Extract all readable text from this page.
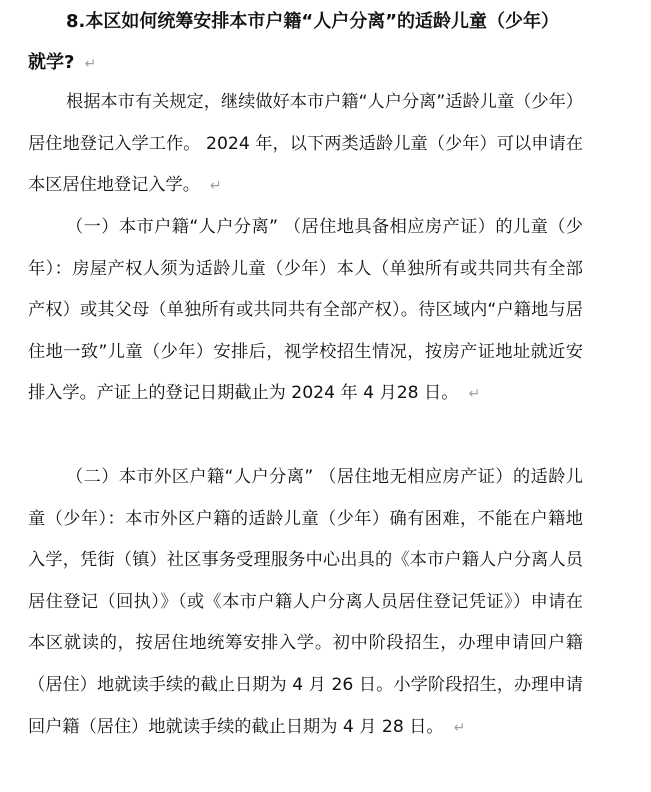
8.本区如何统筹安排本市户籍“人户分离”的适龄儿童（少年）
就学? ↵

根据本市有关规定，继续做好本市户籍“人户分离”适龄儿童（少年）居住地登记入学工作。 2024 年，以下两类适龄儿童（少年）可以申请在本区居住地登记入学。 ↵

（一）本市户籍“人户分离” （居住地具备相应房产证）的儿童（少年）：房屋产权人须为适龄儿童（少年）本人（单独所有或共同共有全部产权）或其父母（单独所有或共同共有全部产权）。待区域内“户籍地与居住地一致”儿童（少年）安排后，视学校招生情况，按房产证地址就近安排入学。产证上的登记日期截止为 2024 年 4 月28 日。 ↵

（二）本市外区户籍“人户分离” （居住地无相应房产证）的适龄儿童（少年）：本市外区户籍的适龄儿童（少年）确有困难，不能在户籍地入学，凭街（镇）社区事务受理服务中心出具的《本市户籍人户分离人员居住登记（回执）》（或《本市户籍人户分离人员居住登记凭证》）申请在本区就读的，按居住地统筹安排入学。初中阶段招生，办理申请回户籍（居住）地就读手续的截止日期为 4 月 26 日。小学阶段招生，办理申请回户籍（居住）地就读手续的截止日期为 4 月 28 日。 ↵
